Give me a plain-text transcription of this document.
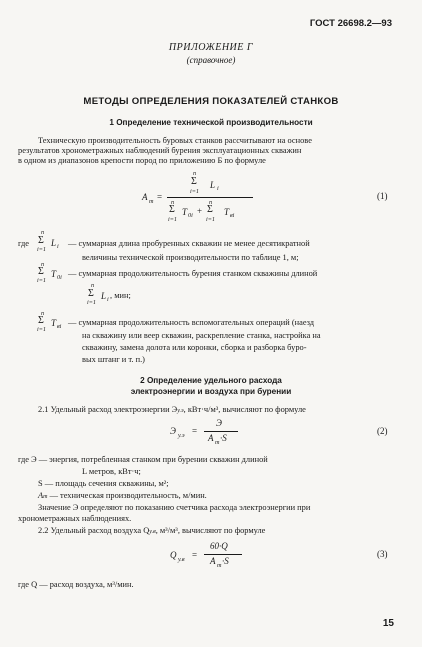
ГОСТ 26698.2—93
ПРИЛОЖЕНИЕ Г
(справочное)
МЕТОДЫ ОПРЕДЕЛЕНИЯ ПОКАЗАТЕЛЕЙ СТАНКОВ
1 Определение технической производительности
Техническую производительность буровых станков рассчитывают на основе
результатов хронометражных наблюдений бурения эксплуатационных скважин
в одном из диапазонов крепости пород по приложению Б по формуле
A т =
n
Σ
i=1
L i
n
Σ
i=1
T 0i +
n
Σ
i=1
T вi
(1)
где
n
Σ
i=1
L i — суммарная длина пробуренных скважин не менее десятикратной
величины технической производительности по таблице 1, м;
n
Σ
i=1
T 0i — суммарная продолжительность бурения станком скважины длиной
n
Σ
i=1
L i , мин;
n
Σ
i=1
T вi — суммарная продолжительность вспомогательных операций (наезд
на скважину или веер скважин, раскрепление станка, настройка на
скважину, замена долота или коронки, сборка и разборка буро-
вых штанг и т. п.)
2 Определение удельного расхода
электроэнергии и воздуха при бурении
2.1 Удельный расход электроэнергии Эу.э, кВт·ч/м³, вычисляют по формуле
Э у.э =
Э
A т ·S
(2)
где Э — энергия, потребленная станком при бурении скважин длиной
L метров, кВт·ч;
S — площадь сечения скважины, м²;
Aт — техническая производительность, м/мин.
Значение Э определяют по показанию счетчика расхода электроэнергии при
хронометражных наблюдениях.
2.2 Удельный расход воздуха Qу.в, м³/м³, вычисляют по формуле
Q у.в =
60·Q
A т ·S
(3)
где Q — расход воздуха, м³/мин.
15
